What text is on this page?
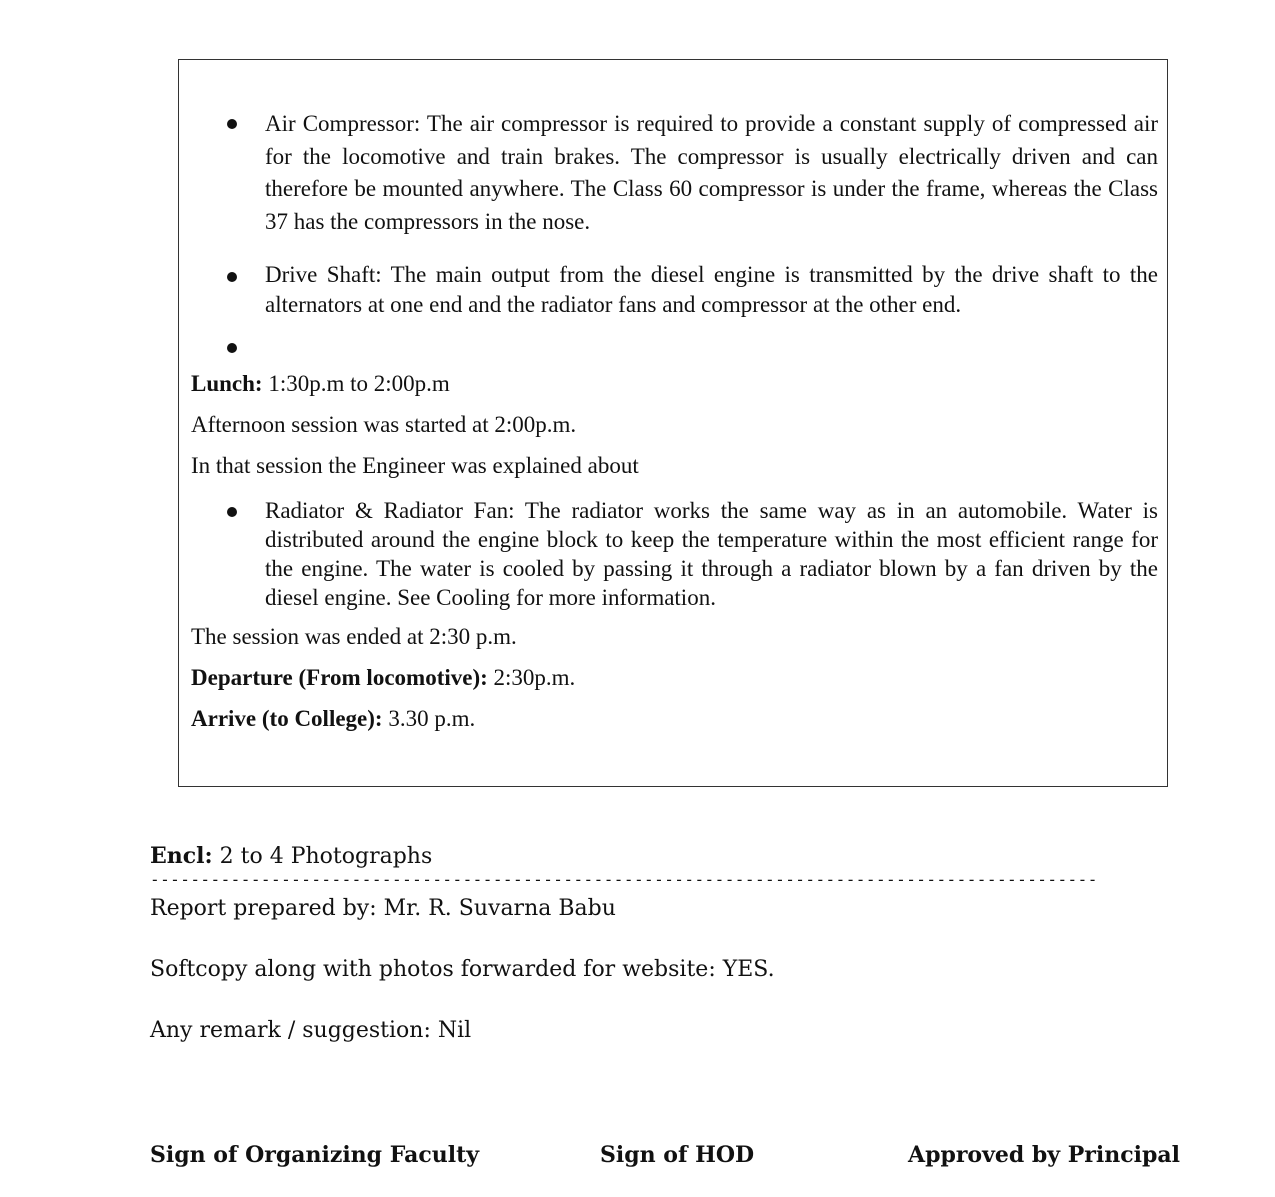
Air Compressor: The air compressor is required to provide a constant supply of compressed air for the locomotive and train brakes. The compressor is usually electrically driven and can therefore be mounted anywhere. The Class 60 compressor is under the frame, whereas the Class 37 has the compressors in the nose.
Drive Shaft: The main output from the diesel engine is transmitted by the drive shaft to the alternators at one end and the radiator fans and compressor at the other end.
Lunch: 1:30p.m to 2:00p.m
Afternoon session was started at 2:00p.m.
In that session the Engineer was explained about
Radiator & Radiator Fan: The radiator works the same way as in an automobile. Water is distributed around the engine block to keep the temperature within the most efficient range for the engine. The water is cooled by passing it through a radiator blown by a fan driven by the diesel engine. See Cooling for more information.
The session was ended at 2:30 p.m.
Departure (From locomotive): 2:30p.m.
Arrive (to College): 3.30 p.m.
Encl: 2 to 4 Photographs
----------------------------------------------------------------------------------------------
Report prepared by: Mr. R. Suvarna Babu
Softcopy along with photos forwarded for website: YES.
Any remark / suggestion: Nil
Sign of Organizing Faculty	Sign of HOD	Approved by Principal
